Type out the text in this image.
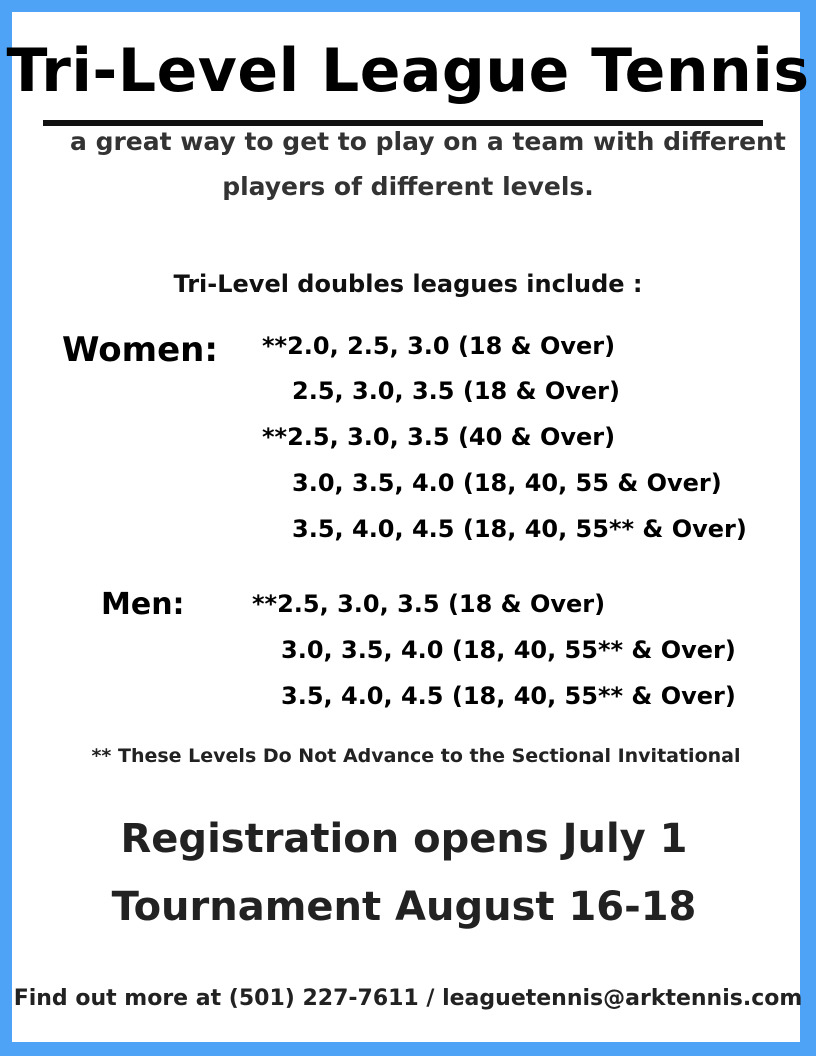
Tri-Level League Tennis
a great way to get to play on a team with different
players of different levels.
Tri-Level doubles leagues include :
Women: **2.0, 2.5, 3.0 (18 & Over)
2.5, 3.0, 3.5 (18 & Over)
**2.5, 3.0, 3.5 (40 & Over)
3.0, 3.5, 4.0 (18, 40, 55 & Over)
3.5, 4.0, 4.5 (18, 40, 55** & Over)
Men:	**2.5, 3.0, 3.5 (18 & Over)
3.0, 3.5, 4.0 (18, 40, 55** & Over)
3.5, 4.0, 4.5 (18, 40, 55** & Over)
** These Levels Do Not Advance to the Sectional Invitational
Registration opens July 1
Tournament August 16-18
Find out more at (501) 227-7611 / leaguetennis@arktennis.com
